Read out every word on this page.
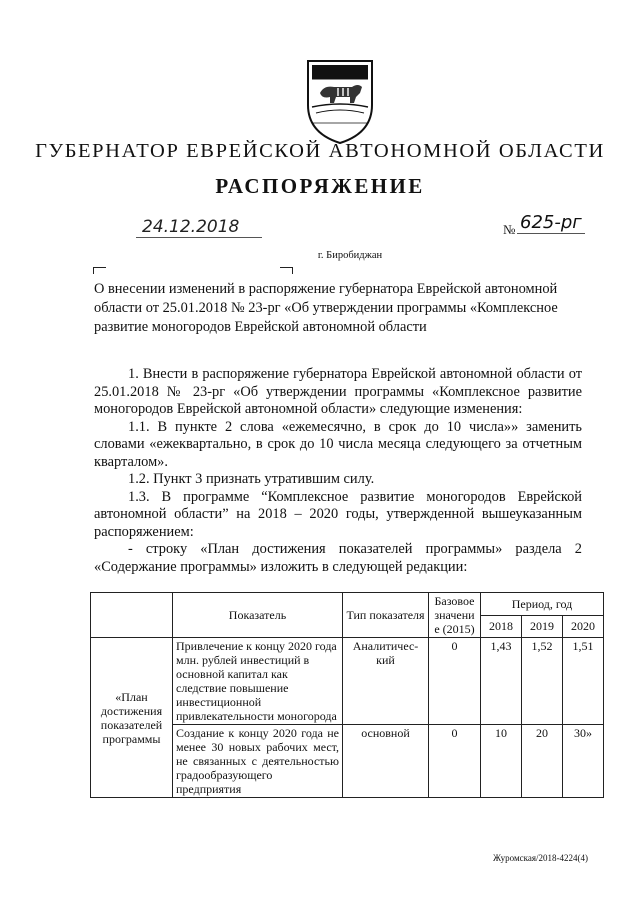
ГУБЕРНАТОР ЕВРЕЙСКОЙ АВТОНОМНОЙ ОБЛАСТИ
РАСПОРЯЖЕНИЕ
24.12.2018	№ 625-рг
г. Биробиджан
О внесении изменений в распоряжение губернатора Еврейской автономной области от 25.01.2018 № 23-рг «Об утверждении программы «Комплексное развитие моногородов Еврейской автономной области

1. Внести в распоряжение губернатора Еврейской автономной области от 25.01.2018 № 23-рг «Об утверждении программы «Комплексное развитие моногородов Еврейской автономной области» следующие изменения:

1.1. В пункте 2 слова «ежемесячно, в срок до 10 числа»» заменить словами «ежеквартально, в срок до 10 числа месяца следующего за отчетным кварталом».

1.2. Пункт 3 признать утратившим силу.

1.3. В программе “Комплексное развитие моногородов Еврейской автономной области” на 2018 – 2020 годы, утвержденной вышеуказанным распоряжением:

- строку «План достижения показателей программы» раздела 2 «Содержание программы» изложить в следующей редакции:

	Показатель	Тип показателя	Базовое значени е (2015)	Период, год		
				2018	2019	2020
«План достижения показателей программы	Привлечение к концу 2020 года млн. рублей инвестиций в основной капитал как следствие повышение инвестиционной привлекательности моногорода	Аналитичес-кий	0	1,43	1,52	1,51
	Создание к концу 2020 года не менее 30 новых рабочих мест, не связанных с деятельностью градообразующего предприятия	основной	0	10	20	30»
Журомская/2018-4224(4)
